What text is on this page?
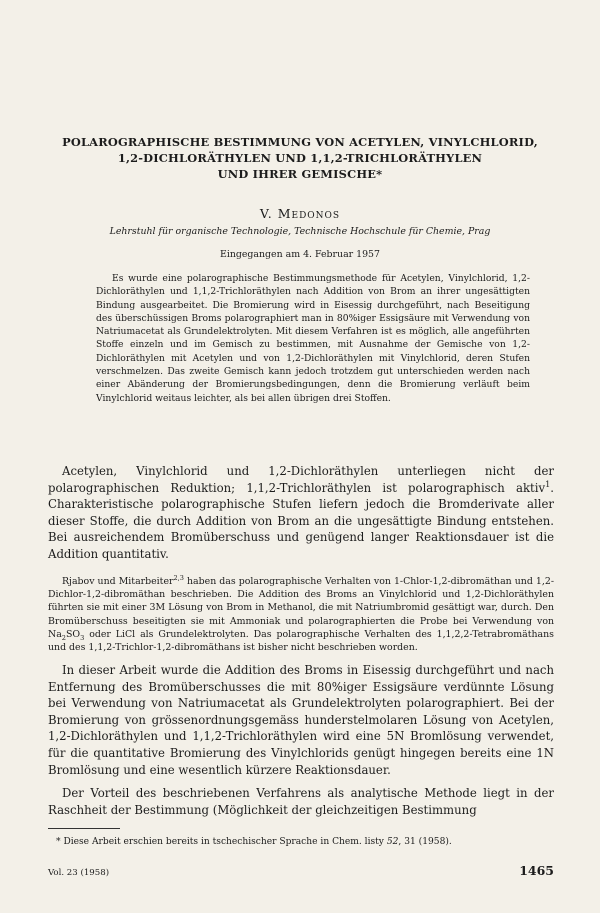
POLAROGRAPHISCHE BESTIMMUNG VON ACETYLEN, VINYLCHLORID,
1,2-DICHLORÄTHYLEN UND 1,1,2-TRICHLORÄTHYLEN
UND IHRER GEMISCHE*

V. Medonos

Lehrstuhl für organische Technologie, Technische Hochschule für Chemie, Prag

Eingegangen am 4. Februar 1957

Es wurde eine polarographische Bestimmungsmethode für Acetylen, Vinylchlorid, 1,2-Dichloräthylen und 1,1,2-Trichloräthylen nach Addition von Brom an ihrer ungesättigten Bindung ausgearbeitet. Die Bromierung wird in Eisessig durchgeführt, nach Beseitigung des überschüssigen Broms polarographiert man in 80%iger Essigsäure mit Verwendung von Natriumacetat als Grundelektrolyten. Mit diesem Verfahren ist es möglich, alle angeführten Stoffe einzeln und im Gemisch zu bestimmen, mit Ausnahme der Gemische von 1,2-Dichloräthylen mit Acetylen und von 1,2-Dichloräthylen mit Vinylchlorid, deren Stufen verschmelzen. Das zweite Gemisch kann jedoch trotzdem gut unterschieden werden nach einer Abänderung der Bromierungsbedingungen, denn die Bromierung verläuft beim Vinylchlorid weitaus leichter, als bei allen übrigen drei Stoffen.

Acetylen, Vinylchlorid und 1,2-Dichloräthylen unterliegen nicht der polarographischen Reduktion; 1,1,2-Trichloräthylen ist polarographisch aktiv$^1$. Charakteristische polarographische Stufen liefern jedoch die Bromderivate aller dieser Stoffe, die durch Addition von Brom an die ungesättigte Bindung entstehen. Bei ausreichendem Bromüberschuss und genügend langer Reaktionsdauer ist die Addition quantitativ.

Rjabov und Mitarbeiter$^{2,3}$ haben das polarographische Verhalten von 1-Chlor-1,2-dibromäthan und 1,2-Dichlor-1,2-dibromäthan beschrieben. Die Addition des Broms an Vinylchlorid und 1,2-Dichloräthylen führten sie mit einer 3M Lösung von Brom in Methanol, die mit Natriumbromid gesättigt war, durch. Den Bromüberschuss beseitigten sie mit Ammoniak und polarographierten die Probe bei Verwendung von $Na_2SO_3$ oder LiCl als Grundelektrolyten. Das polarographische Verhalten des 1,1,2,2-Tetrabromäthans und des 1,1,2-Trichlor-1,2-dibromäthans ist bisher nicht beschrieben worden.

In dieser Arbeit wurde die Addition des Broms in Eisessig durchgeführt und nach Entfernung des Bromüberschusses die mit 80%iger Essigsäure verdünnte Lösung bei Verwendung von Natriumacetat als Grundelektrolyten polarographiert. Bei der Bromierung von grössenordnungsgemäss hunderstelmolaren Lösung von Acetylen, 1,2-Dichloräthylen und 1,1,2-Trichloräthylen wird eine 5N Bromlösung verwendet, für die quantitative Bromierung des Vinylchlorids genügt hingegen bereits eine 1N Bromlösung und eine wesentlich kürzere Reaktionsdauer.

Der Vorteil des beschriebenen Verfahrens als analytische Methode liegt in der Raschheit der Bestimmung (Möglichkeit der gleichzeitigen Bestimmung

* Diese Arbeit erschien bereits in tschechischer Sprache in Chem. listy 52, 31 (1958).

Vol. 23 (1958)	1465
